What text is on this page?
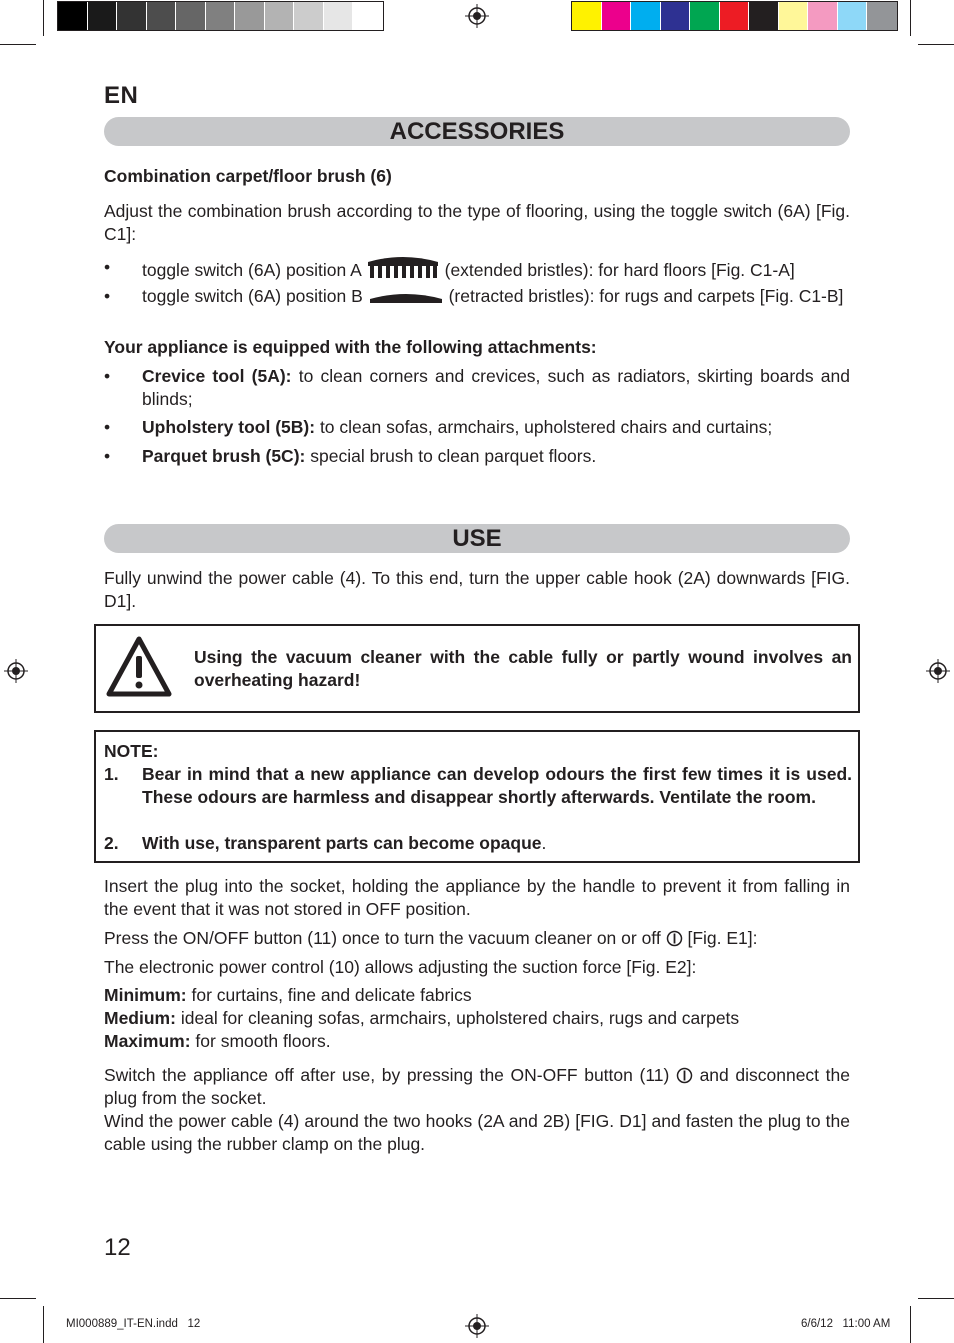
EN
ACCESSORIES
Combination carpet/floor brush (6)
Adjust the combination brush according to the type of flooring, using the toggle switch (6A) [Fig. C1]:
•	toggle switch (6A) position A	(extended bristles): for hard floors [Fig. C1-A]
•	toggle switch (6A) position B	(retracted bristles): for rugs and carpets [Fig. C1-B]
Your appliance is equipped with the following attachments:
•	Crevice tool (5A): to clean corners and crevices, such as radiators, skirting boards and blinds;
•	Upholstery tool (5B): to clean sofas, armchairs, upholstered chairs and curtains;
•	Parquet brush (5C): special brush to clean parquet floors.
USE
Fully unwind the power cable (4). To this end, turn the upper cable hook (2A) downwards [FIG. D1].
Using the vacuum cleaner with the cable fully or partly wound involves an overheating hazard!
NOTE:
1. Bear in mind that a new appliance can develop odours the first few times it is used. These odours are harmless and disappear shortly afterwards. Ventilate the room.
2. With use, transparent parts can become opaque.
Insert the plug into the socket, holding the appliance by the handle to prevent it from falling in the event that it was not stored in OFF position.
Press the ON/OFF button (11) once to turn the vacuum cleaner on or off [Fig. E1]:
The electronic power control (10) allows adjusting the suction force [Fig. E2]:
Minimum: for curtains, fine and delicate fabrics
Medium: ideal for cleaning sofas, armchairs, upholstered chairs, rugs and carpets
Maximum: for smooth floors.
Switch the appliance off after use, by pressing the ON-OFF button (11) and disconnect the plug from the socket.
Wind the power cable (4) around the two hooks (2A and 2B) [FIG. D1] and fasten the plug to the cable using the rubber clamp on the plug.
12
MI000889_IT-EN.indd   12	6/6/12   11:00 AM
